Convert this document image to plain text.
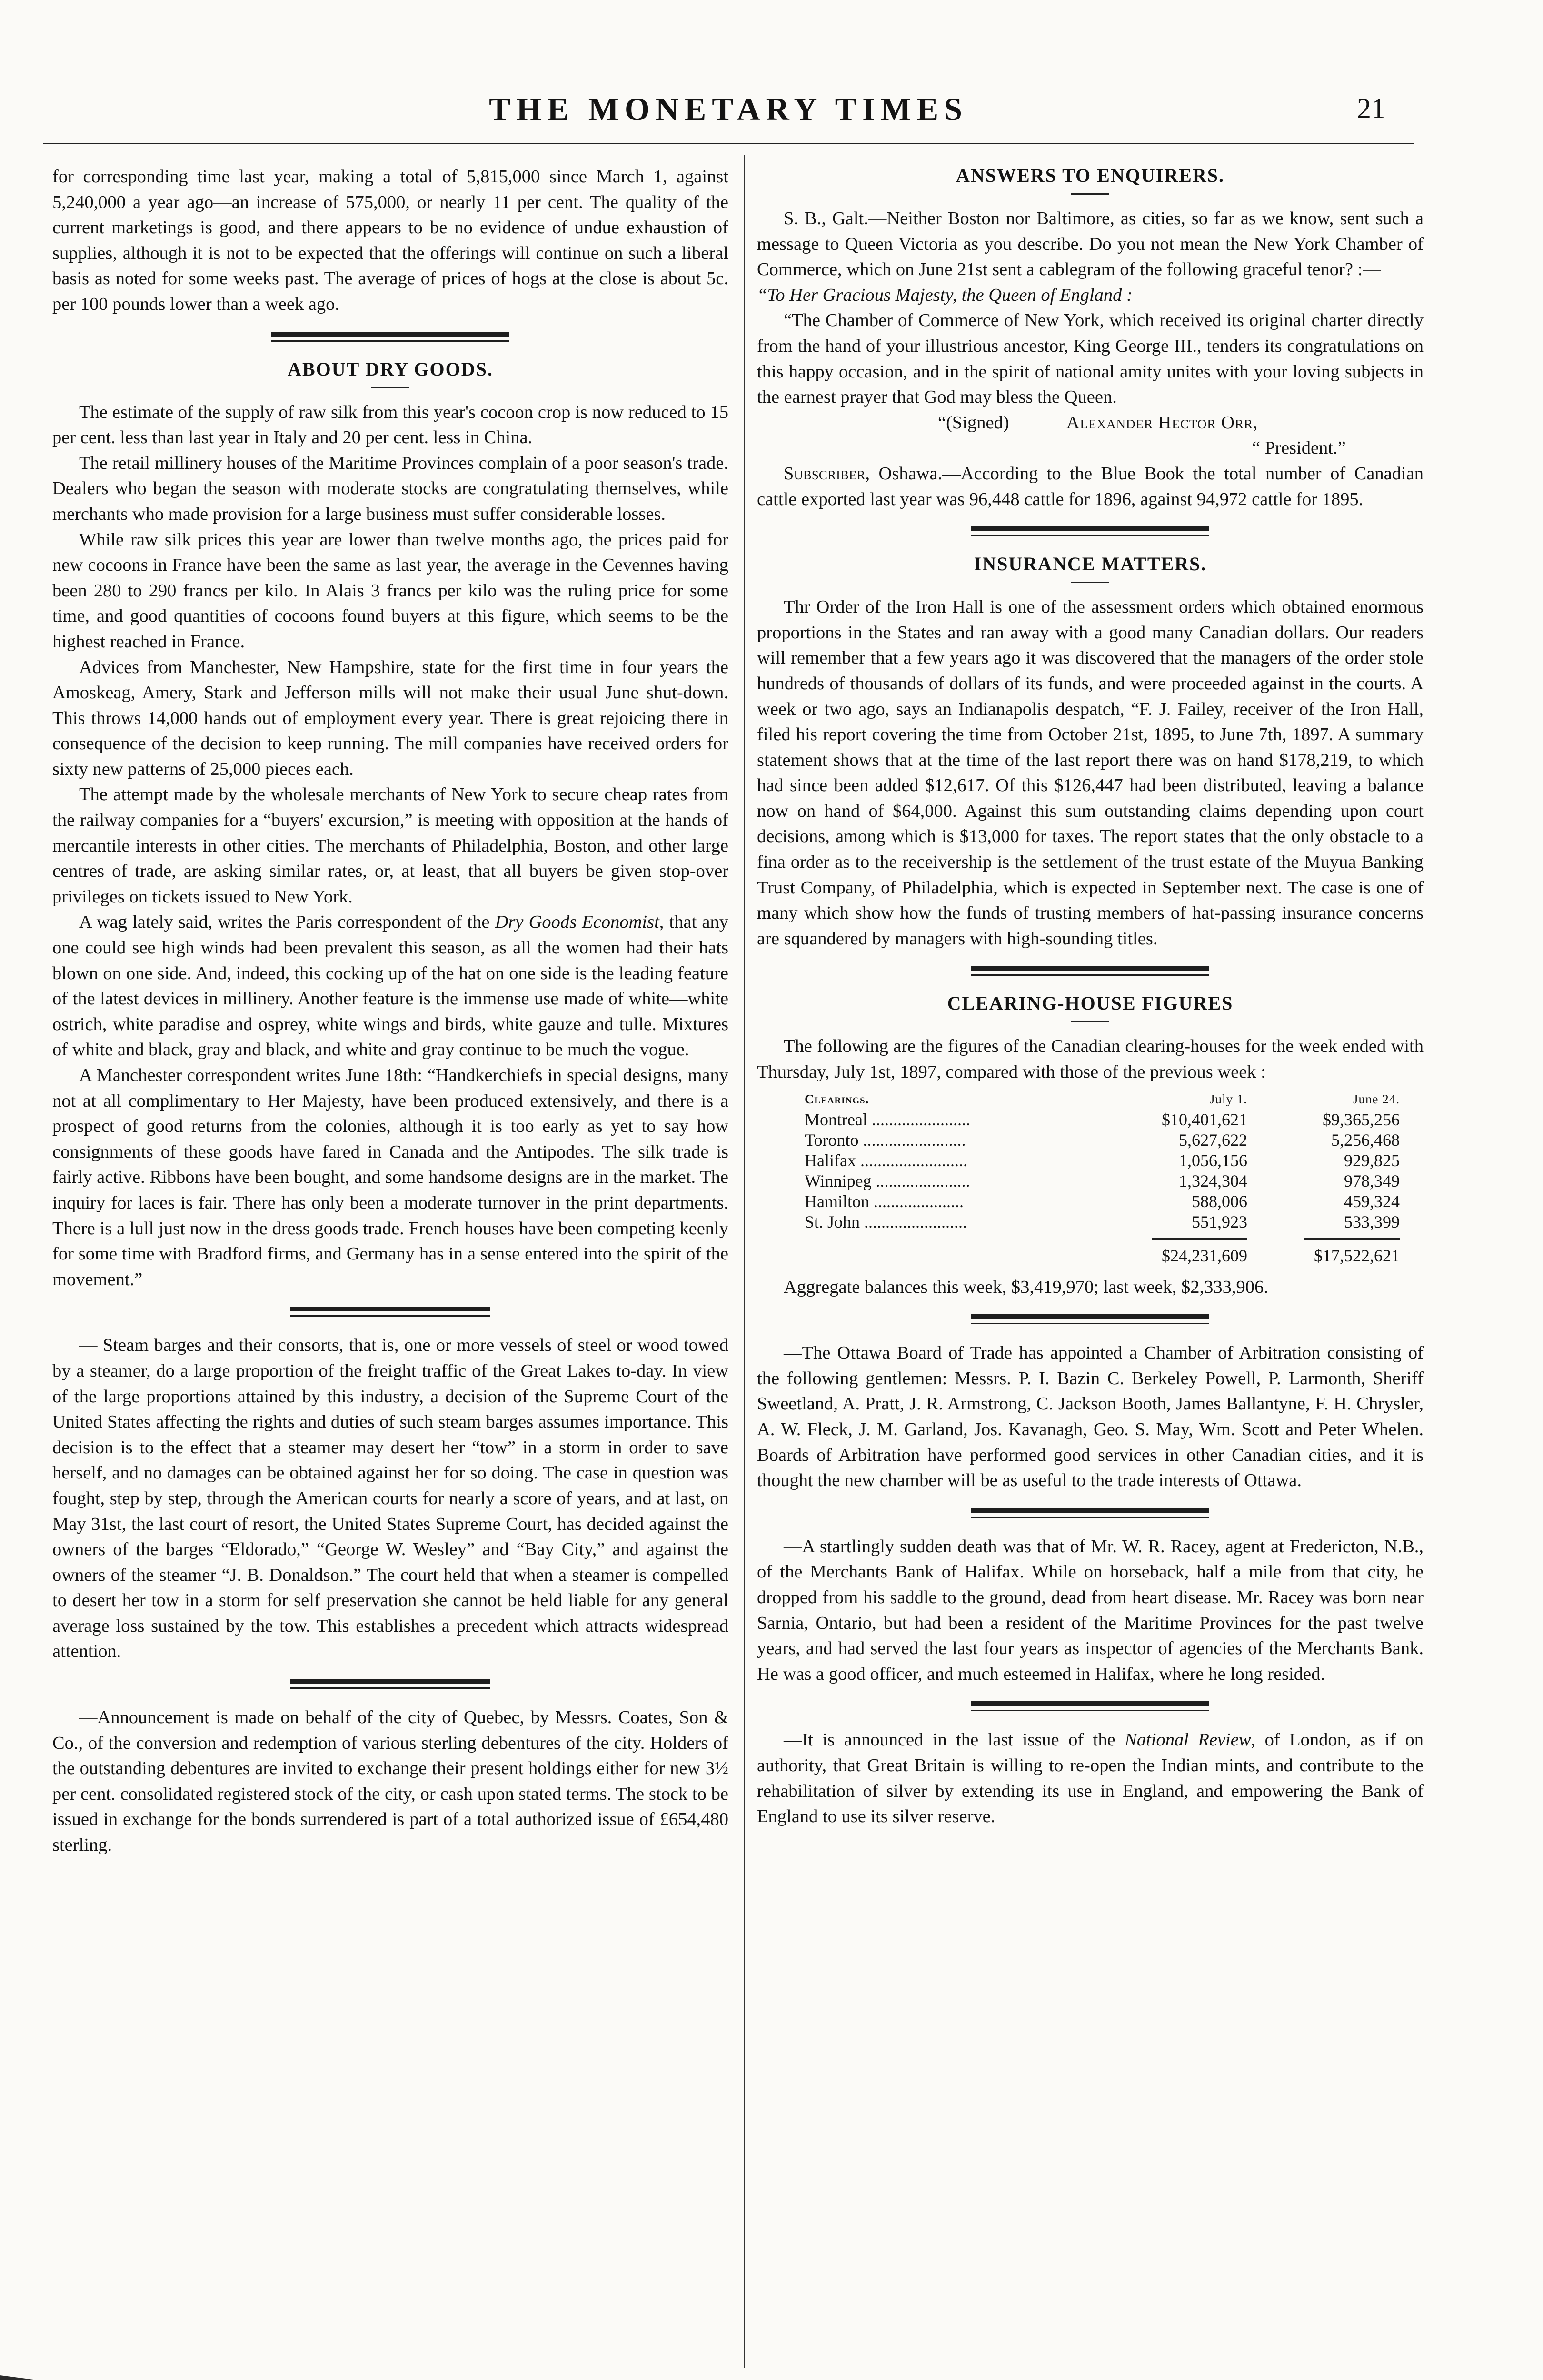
THE MONETARY TIMES	21

for corresponding time last year, making a total of 5,815,000 since March 1, against 5,240,000 a year ago—an increase of 575,000, or nearly 11 per cent. The quality of the current marketings is good, and there appears to be no evidence of undue exhaustion of supplies, although it is not to be expected that the offerings will continue on such a liberal basis as noted for some weeks past. The average of prices of hogs at the close is about 5c. per 100 pounds lower than a week ago.

ABOUT DRY GOODS.

The estimate of the supply of raw silk from this year's cocoon crop is now reduced to 15 per cent. less than last year in Italy and 20 per cent. less in China.

The retail millinery houses of the Maritime Provinces complain of a poor season's trade. Dealers who began the season with moderate stocks are congratulating themselves, while merchants who made provision for a large business must suffer considerable losses.

While raw silk prices this year are lower than twelve months ago, the prices paid for new cocoons in France have been the same as last year, the average in the Cevennes having been 280 to 290 francs per kilo. In Alais 3 francs per kilo was the ruling price for some time, and good quantities of cocoons found buyers at this figure, which seems to be the highest reached in France.

Advices from Manchester, New Hampshire, state for the first time in four years the Amoskeag, Amery, Stark and Jefferson mills will not make their usual June shut-down. This throws 14,000 hands out of employment every year. There is great rejoicing there in consequence of the decision to keep running. The mill companies have received orders for sixty new patterns of 25,000 pieces each.

The attempt made by the wholesale merchants of New York to secure cheap rates from the railway companies for a “buyers' excursion,” is meeting with opposition at the hands of mercantile interests in other cities. The merchants of Philadelphia, Boston, and other large centres of trade, are asking similar rates, or, at least, that all buyers be given stop-over privileges on tickets issued to New York.

A wag lately said, writes the Paris correspondent of the Dry Goods Economist, that any one could see high winds had been prevalent this season, as all the women had their hats blown on one side. And, indeed, this cocking up of the hat on one side is the leading feature of the latest devices in millinery. Another feature is the immense use made of white—white ostrich, white paradise and osprey, white wings and birds, white gauze and tulle. Mixtures of white and black, gray and black, and white and gray continue to be much the vogue.

A Manchester correspondent writes June 18th: “Handkerchiefs in special designs, many not at all complimentary to Her Majesty, have been produced extensively, and there is a prospect of good returns from the colonies, although it is too early as yet to say how consignments of these goods have fared in Canada and the Antipodes. The silk trade is fairly active. Ribbons have been bought, and some handsome designs are in the market. The inquiry for laces is fair. There has only been a moderate turnover in the print departments. There is a lull just now in the dress goods trade. French houses have been competing keenly for some time with Bradford firms, and Germany has in a sense entered into the spirit of the movement.”

— Steam barges and their consorts, that is, one or more vessels of steel or wood towed by a steamer, do a large proportion of the freight traffic of the Great Lakes to-day. In view of the large proportions attained by this industry, a decision of the Supreme Court of the United States affecting the rights and duties of such steam barges assumes importance. This decision is to the effect that a steamer may desert her “tow” in a storm in order to save herself, and no damages can be obtained against her for so doing. The case in question was fought, step by step, through the American courts for nearly a score of years, and at last, on May 31st, the last court of resort, the United States Supreme Court, has decided against the owners of the barges “Eldorado,” “George W. Wesley” and “Bay City,” and against the owners of the steamer “J. B. Donaldson.” The court held that when a steamer is compelled to desert her tow in a storm for self preservation she cannot be held liable for any general average loss sustained by the tow. This establishes a precedent which attracts widespread attention.

—Announcement is made on behalf of the city of Quebec, by Messrs. Coates, Son & Co., of the conversion and redemption of various sterling debentures of the city. Holders of the outstanding debentures are invited to exchange their present holdings either for new 3½ per cent. consolidated registered stock of the city, or cash upon stated terms. The stock to be issued in exchange for the bonds surrendered is part of a total authorized issue of £654,480 sterling.

ANSWERS TO ENQUIRERS.

S. B., Galt.—Neither Boston nor Baltimore, as cities, so far as we know, sent such a message to Queen Victoria as you describe. Do you not mean the New York Chamber of Commerce, which on June 21st sent a cablegram of the following graceful tenor? :—

“To Her Gracious Majesty, the Queen of England :

“The Chamber of Commerce of New York, which received its original charter directly from the hand of your illustrious ancestor, King George III., tenders its congratulations on this happy occasion, and in the spirit of national amity unites with your loving subjects in the earnest prayer that God may bless the Queen.

“(Signed)	Alexander Hector Orr,
“ President.”

Subscriber, Oshawa.—According to the Blue Book the total number of Canadian cattle exported last year was 96,448 cattle for 1896, against 94,972 cattle for 1895.

INSURANCE MATTERS.

Thr Order of the Iron Hall is one of the assessment orders which obtained enormous proportions in the States and ran away with a good many Canadian dollars. Our readers will remember that a few years ago it was discovered that the managers of the order stole hundreds of thousands of dollars of its funds, and were proceeded against in the courts. A week or two ago, says an Indianapolis despatch, “F. J. Failey, receiver of the Iron Hall, filed his report covering the time from October 21st, 1895, to June 7th, 1897. A summary statement shows that at the time of the last report there was on hand $178,219, to which had since been added $12,617. Of this $126,447 had been distributed, leaving a balance now on hand of $64,000. Against this sum outstanding claims depending upon court decisions, among which is $13,000 for taxes. The report states that the only obstacle to a fina order as to the receivership is the settlement of the trust estate of the Muyua Banking Trust Company, of Philadelphia, which is expected in September next. The case is one of many which show how the funds of trusting members of hat-passing insurance concerns are squandered by managers with high-sounding titles.

CLEARING-HOUSE FIGURES

The following are the figures of the Canadian clearing-houses for the week ended with Thursday, July 1st, 1897, compared with those of the previous week :

Clearings.	July 1.	June 24.
Montreal .......................	$10,401,621	$9,365,256
Toronto ........................	5,627,622	5,256,468
Halifax .........................	1,056,156	929,825
Winnipeg ......................	1,324,304	978,349
Hamilton .....................	588,006	459,324
St. John ........................	551,923	533,399

$24,231,609	$17,522,621
Aggregate balances this week, $3,419,970; last week, $2,333,906.

—The Ottawa Board of Trade has appointed a Chamber of Arbitration consisting of the following gentlemen: Messrs. P. I. Bazin C. Berkeley Powell, P. Larmonth, Sheriff Sweetland, A. Pratt, J. R. Armstrong, C. Jackson Booth, James Ballantyne, F. H. Chrysler, A. W. Fleck, J. M. Garland, Jos. Kavanagh, Geo. S. May, Wm. Scott and Peter Whelen. Boards of Arbitration have performed good services in other Canadian cities, and it is thought the new chamber will be as useful to the trade interests of Ottawa.

—A startlingly sudden death was that of Mr. W. R. Racey, agent at Fredericton, N.B., of the Merchants Bank of Halifax. While on horseback, half a mile from that city, he dropped from his saddle to the ground, dead from heart disease. Mr. Racey was born near Sarnia, Ontario, but had been a resident of the Maritime Provinces for the past twelve years, and had served the last four years as inspector of agencies of the Merchants Bank. He was a good officer, and much esteemed in Halifax, where he long resided.

—It is announced in the last issue of the National Review, of London, as if on authority, that Great Britain is willing to re-open the Indian mints, and contribute to the rehabilitation of silver by extending its use in England, and empowering the Bank of England to use its silver reserve.
